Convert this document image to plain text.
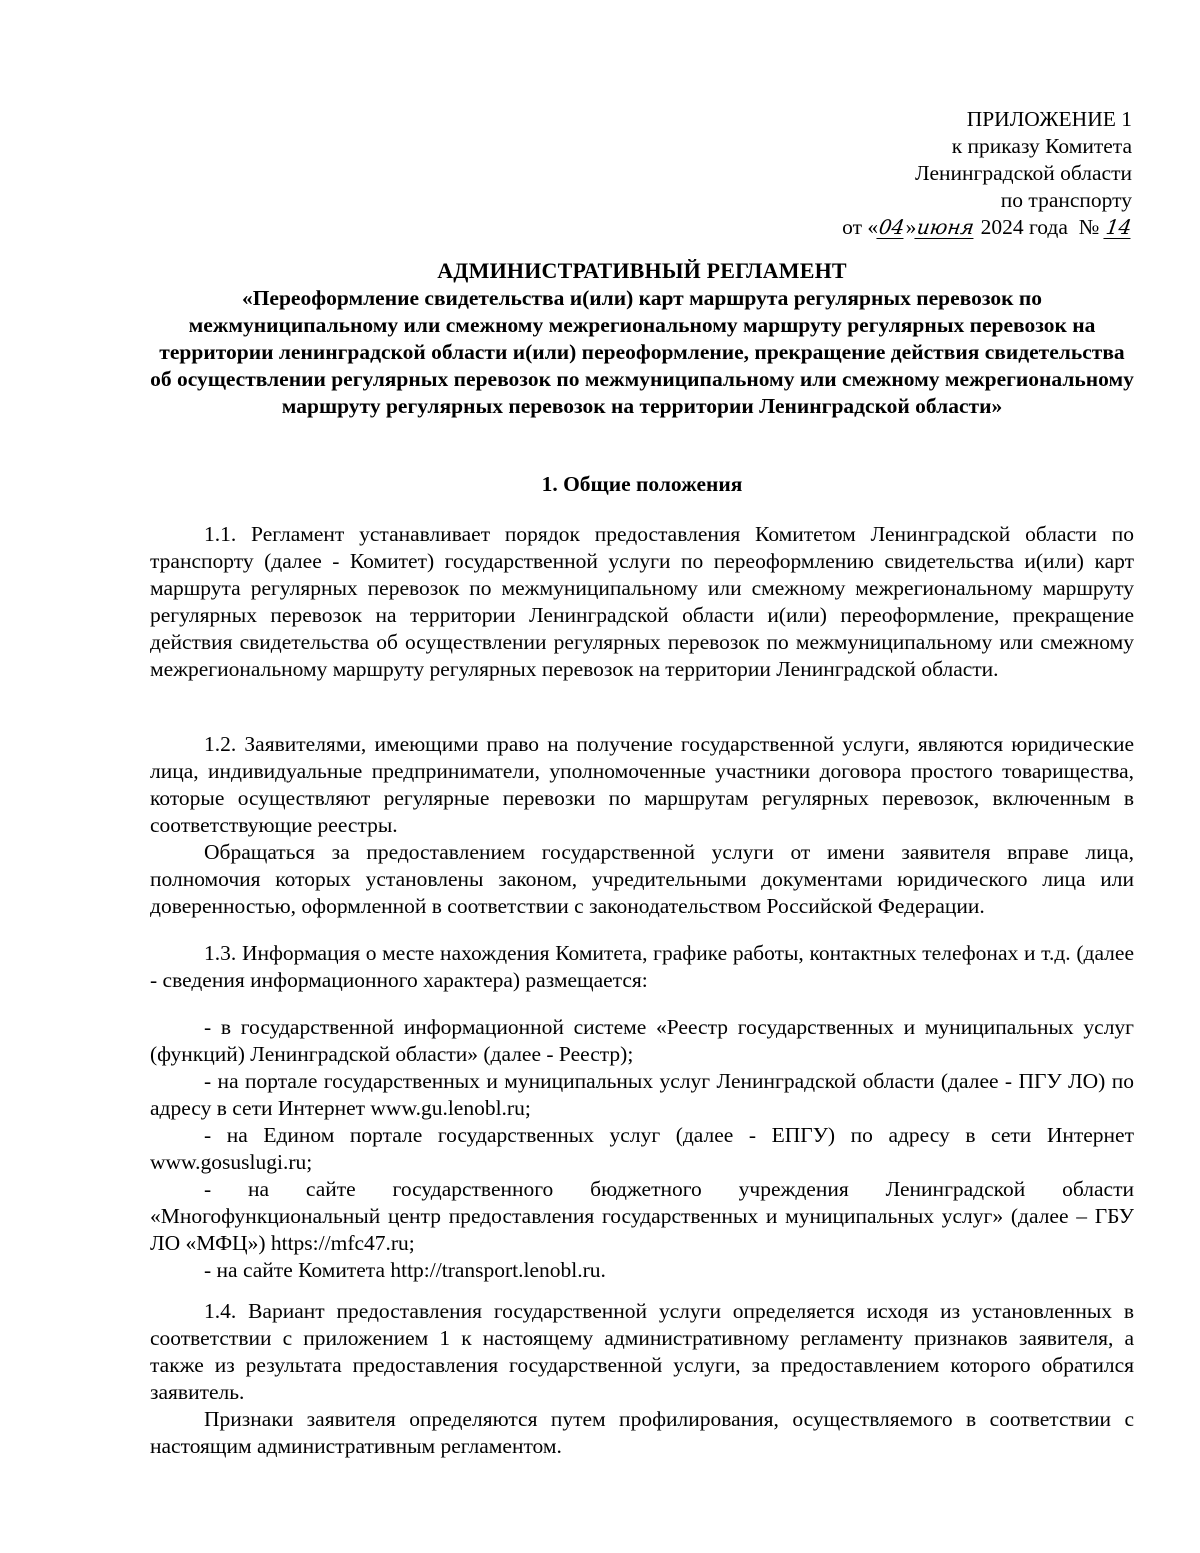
ПРИЛОЖЕНИЕ 1
к приказу Комитета
Ленинградской области
по транспорту
от «04»июня 2024 года № 14
АДМИНИСТРАТИВНЫЙ РЕГЛАМЕНТ
«Переоформление свидетельства и(или) карт маршрута регулярных перевозок по межмуниципальному или смежному межрегиональному маршруту регулярных перевозок на территории ленинградской области и(или) переоформление, прекращение действия свидетельства об осуществлении регулярных перевозок по межмуниципальному или смежному межрегиональному маршруту регулярных перевозок на территории Ленинградской области»
1. Общие положения
1.1. Регламент устанавливает порядок предоставления Комитетом Ленинградской области по транспорту (далее - Комитет) государственной услуги по переоформлению свидетельства и(или) карт маршрута регулярных перевозок по межмуниципальному или смежному межрегиональному маршруту регулярных перевозок на территории Ленинградской области и(или) переоформление, прекращение действия свидетельства об осуществлении регулярных перевозок по межмуниципальному или смежному межрегиональному маршруту регулярных перевозок на территории Ленинградской области.
1.2. Заявителями, имеющими право на получение государственной услуги, являются юридические лица, индивидуальные предприниматели, уполномоченные участники договора простого товарищества, которые осуществляют регулярные перевозки по маршрутам регулярных перевозок, включенным в соответствующие реестры.
Обращаться за предоставлением государственной услуги от имени заявителя вправе лица, полномочия которых установлены законом, учредительными документами юридического лица или доверенностью, оформленной в соответствии с законодательством Российской Федерации.
1.3. Информация о месте нахождения Комитета, графике работы, контактных телефонах и т.д. (далее - сведения информационного характера) размещается:
- в государственной информационной системе «Реестр государственных и муниципальных услуг (функций) Ленинградской области» (далее - Реестр);
- на портале государственных и муниципальных услуг Ленинградской области (далее - ПГУ ЛО) по адресу в сети Интернет www.gu.lenobl.ru;
- на Едином портале государственных услуг (далее - ЕПГУ) по адресу в сети Интернет www.gosuslugi.ru;
- на сайте государственного бюджетного учреждения Ленинградской области «Многофункциональный центр предоставления государственных и муниципальных услуг» (далее – ГБУ ЛО «МФЦ») https://mfc47.ru;
- на сайте Комитета http://transport.lenobl.ru.
1.4. Вариант предоставления государственной услуги определяется исходя из установленных в соответствии с приложением 1 к настоящему административному регламенту признаков заявителя, а также из результата предоставления государственной услуги, за предоставлением которого обратился заявитель.
Признаки заявителя определяются путем профилирования, осуществляемого в соответствии с настоящим административным регламентом.
